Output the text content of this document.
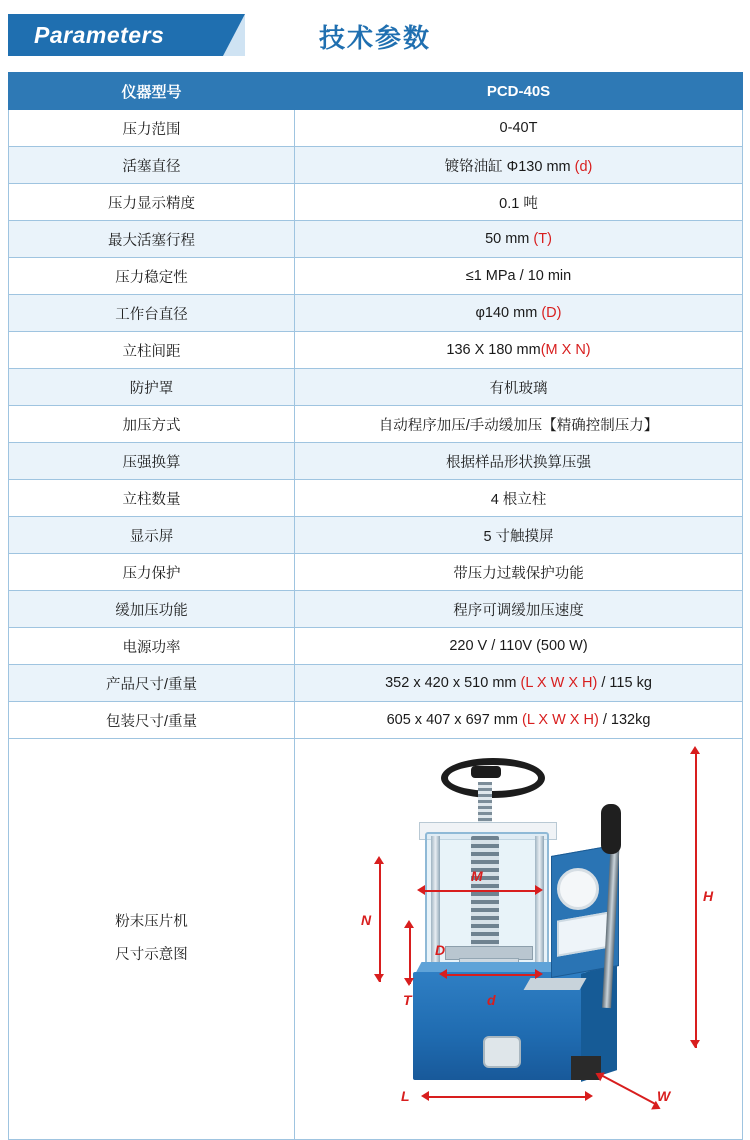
Parameters	技术参数
仪器型号	PCD-40S
压力范围	0-40T
活塞直径	镀铬油缸 Φ130 mm (d)
压力显示精度	0.1 吨
最大活塞行程	50 mm (T)
压力稳定性	≤1 MPa / 10 min
工作台直径	φ140 mm (D)
立柱间距	136 X 180 mm(M X N)
防护罩	有机玻璃
加压方式	自动程序加压/手动缓加压【精确控制压力】
压强换算	根据样品形状换算压强
立柱数量	4 根立柱
显示屏	5 寸触摸屏
压力保护	带压力过载保护功能
缓加压功能	程序可调缓加压速度
电源功率	220 V / 110V (500 W)
产品尺寸/重量	352 x 420 x 510 mm (L X W X H) / 115 kg
包装尺寸/重量	605 x 407 x 697 mm (L X W X H) / 132kg

粉末压片机
尺寸示意图

H
N
M
D
T	d
L	W
